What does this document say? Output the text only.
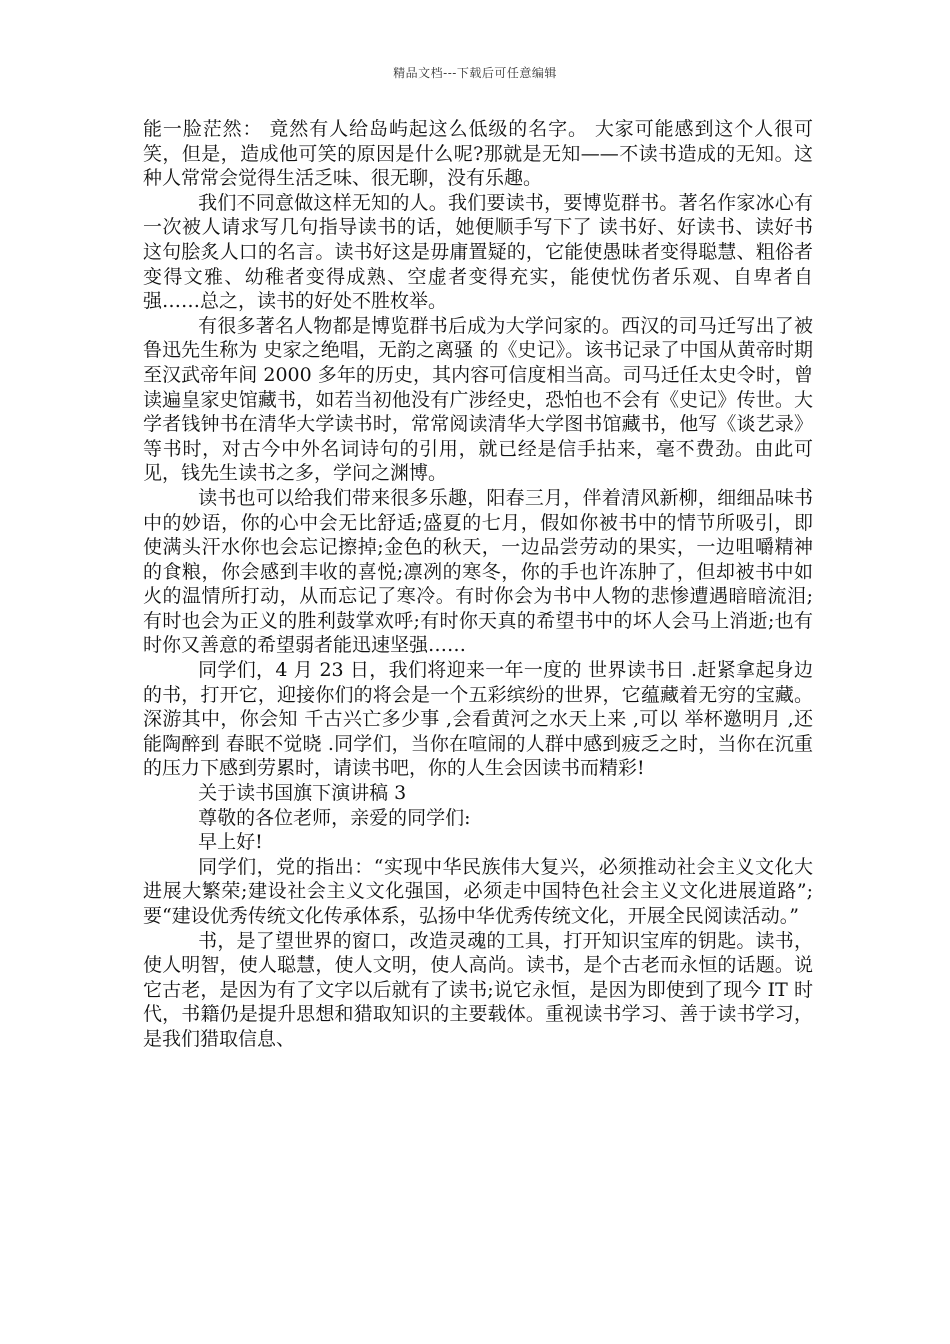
精品文档---下载后可任意编辑

能一脸茫然： 竟然有人给岛屿起这么低级的名字。 大家可能感到这个人很可笑，但是，造成他可笑的原因是什么呢?那就是无知——不读书造成的无知。这种人常常会觉得生活乏味、很无聊，没有乐趣。

我们不同意做这样无知的人。我们要读书，要博览群书。著名作家冰心有一次被人请求写几句指导读书的话，她便顺手写下了 读书好、好读书、读好书 这句脍炙人口的名言。读书好这是毋庸置疑的，它能使愚昧者变得聪慧、粗俗者变得文雅、幼稚者变得成熟、空虚者变得充实，能使忧伤者乐观、自卑者自强……总之，读书的好处不胜枚举。

有很多著名人物都是博览群书后成为大学问家的。西汉的司马迁写出了被鲁迅先生称为 史家之绝唱，无韵之离骚 的《史记》。该书记录了中国从黄帝时期至汉武帝年间 2000 多年的历史，其内容可信度相当高。司马迁任太史令时，曾读遍皇家史馆藏书，如若当初他没有广涉经史，恐怕也不会有《史记》传世。大学者钱钟书在清华大学读书时，常常阅读清华大学图书馆藏书，他写《谈艺录》等书时，对古今中外名词诗句的引用，就已经是信手拈来，毫不费劲。由此可见，钱先生读书之多，学问之渊博。

读书也可以给我们带来很多乐趣，阳春三月，伴着清风新柳，细细品味书中的妙语，你的心中会无比舒适;盛夏的七月，假如你被书中的情节所吸引，即使满头汗水你也会忘记擦掉;金色的秋天，一边品尝劳动的果实，一边咀嚼精神的食粮，你会感到丰收的喜悦;凛冽的寒冬，你的手也许冻肿了，但却被书中如火的温情所打动，从而忘记了寒冷。有时你会为书中人物的悲惨遭遇暗暗流泪;有时也会为正义的胜利鼓掌欢呼;有时你天真的希望书中的坏人会马上消逝;也有时你又善意的希望弱者能迅速坚强……

同学们，4 月 23 日，我们将迎来一年一度的 世界读书日 .赶紧拿起身边的书，打开它，迎接你们的将会是一个五彩缤纷的世界，它蕴藏着无穷的宝藏。深游其中，你会知 千古兴亡多少事 ,会看黄河之水天上来 ,可以 举杯邀明月 ,还能陶醉到 春眠不觉晓 .同学们，当你在喧闹的人群中感到疲乏之时，当你在沉重的压力下感到劳累时，请读书吧，你的人生会因读书而精彩!

关于读书国旗下演讲稿 3

尊敬的各位老师，亲爱的同学们:

早上好!

同学们，党的指出：“实现中华民族伟大复兴，必须推动社会主义文化大进展大繁荣;建设社会主义文化强国，必须走中国特色社会主义文化进展道路”;要“建设优秀传统文化传承体系，弘扬中华优秀传统文化，开展全民阅读活动。”

书，是了望世界的窗口，改造灵魂的工具，打开知识宝库的钥匙。读书，使人明智，使人聪慧，使人文明，使人高尚。读书，是个古老而永恒的话题。说它古老，是因为有了文字以后就有了读书;说它永恒，是因为即使到了现今 IT 时代，书籍仍是提升思想和猎取知识的主要载体。重视读书学习、善于读书学习，是我们猎取信息、
